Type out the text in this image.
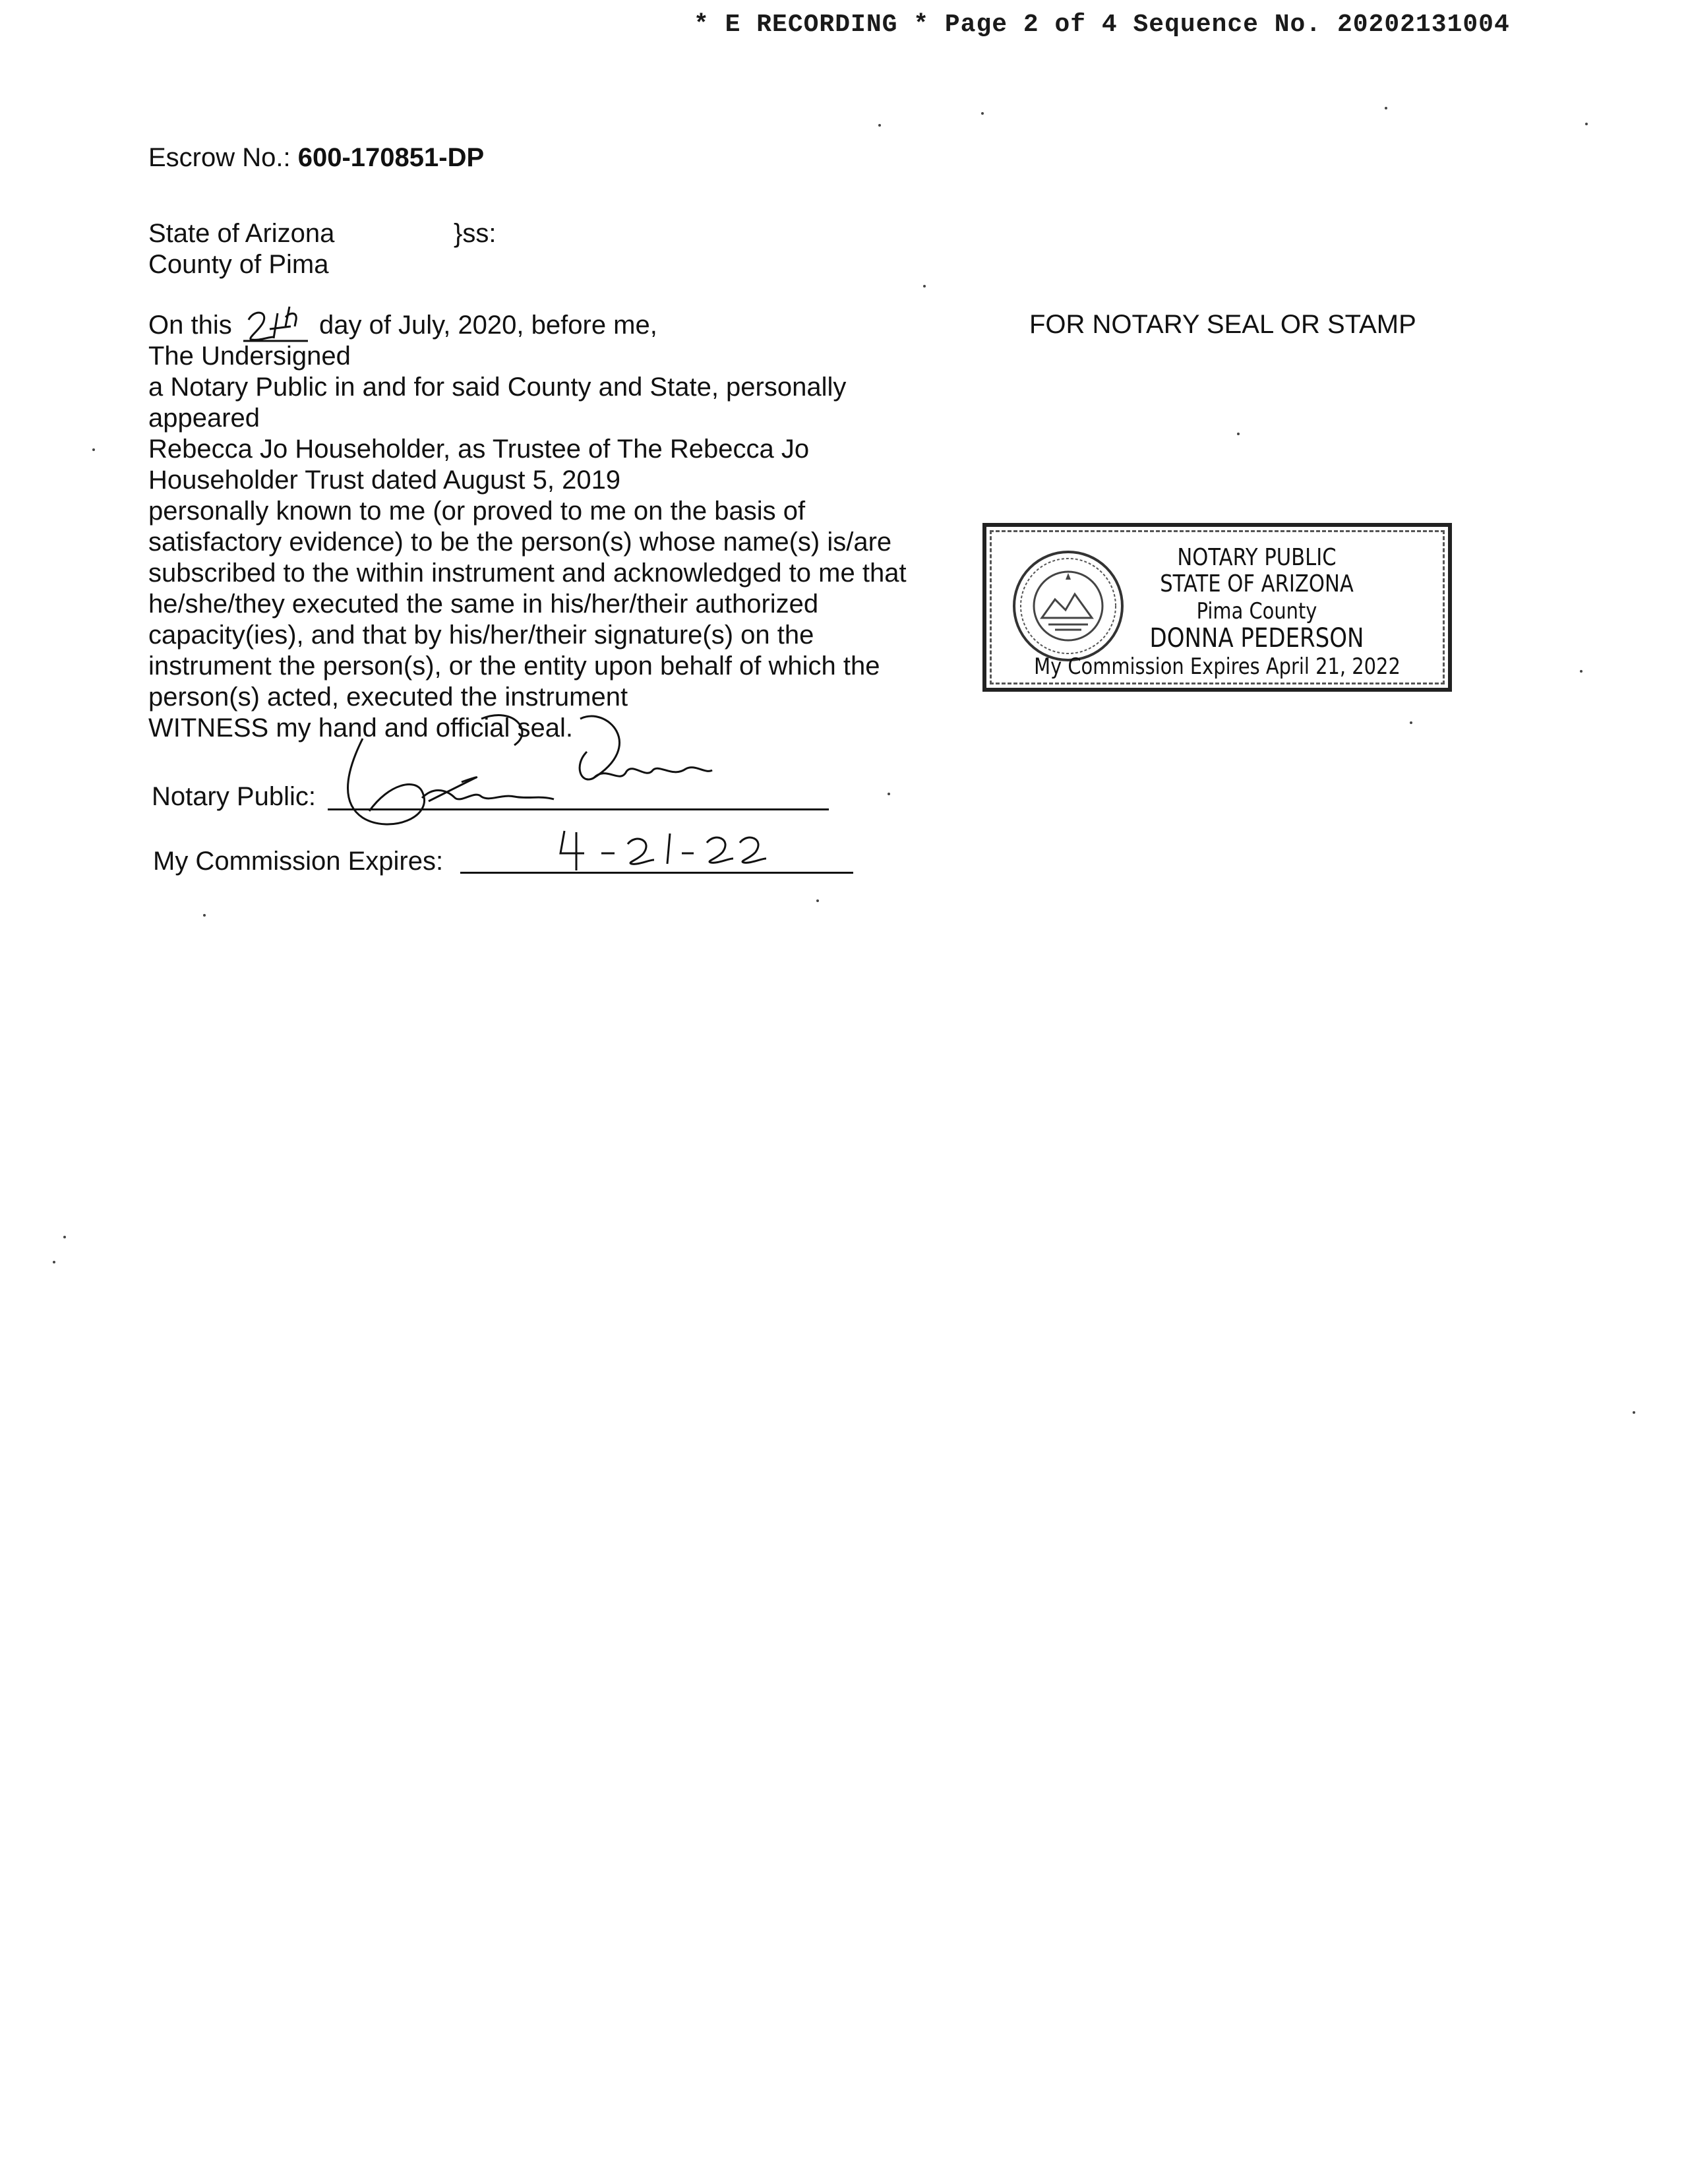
* E RECORDING * Page 2 of 4 Sequence No. 20202131004
Escrow No.: 600-170851-DP
State of Arizona	}ss:
County of Pima
On this	day of July, 2020, before me,
The Undersigned
a Notary Public in and for said County and State, personally
appeared
Rebecca Jo Householder, as Trustee of The Rebecca Jo
Householder Trust dated August 5, 2019
personally known to me (or proved to me on the basis of
satisfactory evidence) to be the person(s) whose name(s) is/are
subscribed to the within instrument and acknowledged to me that
he/she/they executed the same in his/her/their authorized
capacity(ies), and that by his/her/their signature(s) on the
instrument the person(s), or the entity upon behalf of which the
person(s) acted, executed the instrument
WITNESS my hand and official seal.
Notary Public:
My Commission Expires:
FOR NOTARY SEAL OR STAMP
NOTARY PUBLIC
STATE OF ARIZONA
Pima County
DONNA PEDERSON
My Commission Expires April 21, 2022
